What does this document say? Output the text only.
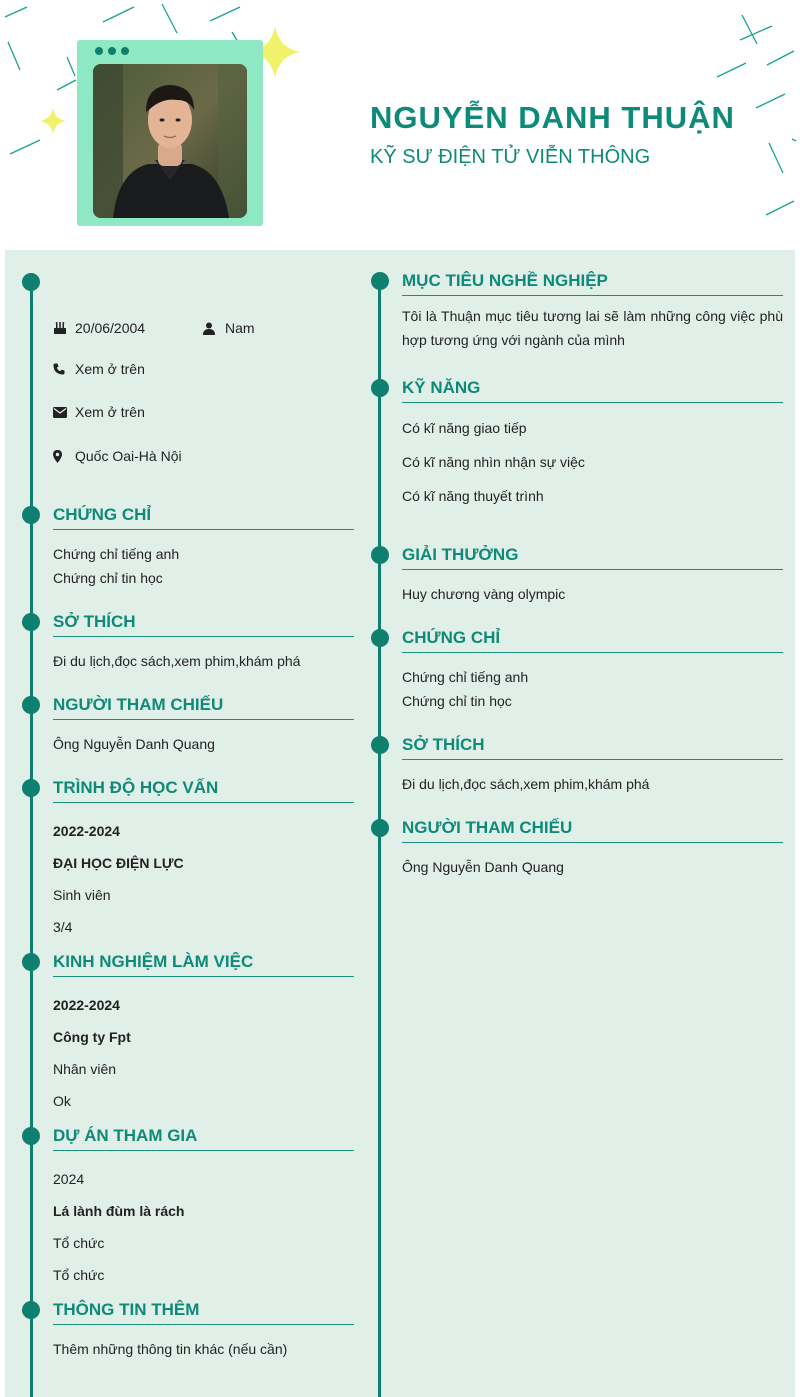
NGUYỄN DANH THUẬN
KỸ SƯ ĐIỆN TỬ VIỄN THÔNG
20/06/2004	Nam
Xem ở trên
Xem ở trên
Quốc Oai-Hà Nội
CHỨNG CHỈ
Chứng chỉ tiếng anh
Chứng chỉ tin học
SỞ THÍCH
Đi du lịch,đọc sách,xem phim,khám phá
NGƯỜI THAM CHIẾU
Ông Nguyễn Danh Quang
TRÌNH ĐỘ HỌC VẤN
2022-2024
ĐẠI HỌC ĐIỆN LỰC
Sinh viên
3/4
KINH NGHIỆM LÀM VIỆC
2022-2024
Công ty Fpt
Nhân viên
Ok
DỰ ÁN THAM GIA
2024
Lá lành đùm là rách
Tổ chức
Tổ chức
THÔNG TIN THÊM
Thêm những thông tin khác (nếu cần)
MỤC TIÊU NGHỀ NGHIỆP
Tôi là Thuận mục tiêu tương lai sẽ làm những công việc phù hợp tương ứng với ngành của mình
KỸ NĂNG
Có kĩ năng giao tiếp
Có kĩ năng nhìn nhận sự việc
Có kĩ năng thuyết trình
GIẢI THƯỞNG
Huy chương vàng olympic
CHỨNG CHỈ
Chứng chỉ tiếng anh
Chứng chỉ tin học
SỞ THÍCH
Đi du lịch,đọc sách,xem phim,khám phá
NGƯỜI THAM CHIẾU
Ông Nguyễn Danh Quang
